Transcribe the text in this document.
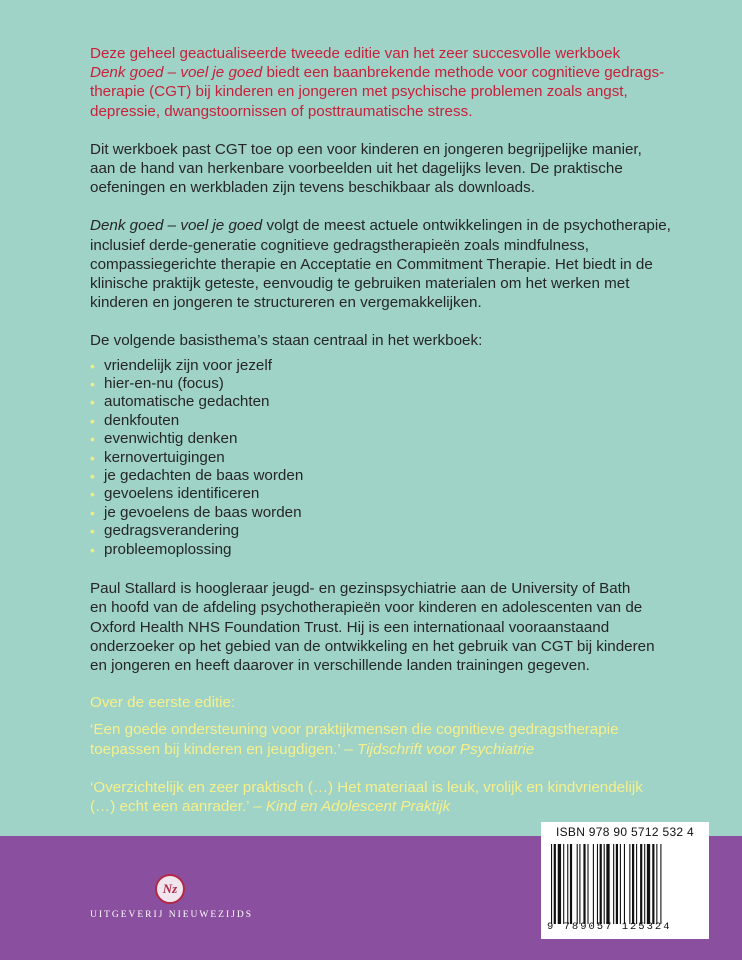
Deze geheel geactualiseerde tweede editie van het zeer succesvolle werkboek
Denk goed – voel je goed biedt een baanbrekende methode voor cognitieve gedrags-
therapie (CGT) bij kinderen en jongeren met psychische problemen zoals angst,
depressie, dwangstoornissen of posttraumatische stress.

Dit werkboek past CGT toe op een voor kinderen en jongeren begrijpelijke manier,
aan de hand van herkenbare voorbeelden uit het dagelijks leven. De praktische
oefeningen en werkbladen zijn tevens beschikbaar als downloads.

Denk goed – voel je goed volgt de meest actuele ontwikkelingen in de psychotherapie,
inclusief derde-generatie cognitieve gedragstherapieën zoals mindfulness,
compassiegerichte therapie en Acceptatie en Commitment Therapie. Het biedt in de
klinische praktijk geteste, eenvoudig te gebruiken materialen om het werken met
kinderen en jongeren te structureren en vergemakkelijken.

De volgende basisthema’s staan centraal in het werkboek:

• vriendelijk zijn voor jezelf
• hier-en-nu (focus)
• automatische gedachten
• denkfouten
• evenwichtig denken
• kernovertuigingen
• je gedachten de baas worden
• gevoelens identificeren
• je gevoelens de baas worden
• gedragsverandering
• probleemoplossing

Paul Stallard is hoogleraar jeugd- en gezinspsychiatrie aan de University of Bath
en hoofd van de afdeling psychotherapieën voor kinderen en adolescenten van de
Oxford Health NHS Foundation Trust. Hij is een internationaal vooraanstaand
onderzoeker op het gebied van de ontwikkeling en het gebruik van CGT bij kinderen
en jongeren en heeft daarover in verschillende landen trainingen gegeven.

Over de eerste editie:

‘Een goede ondersteuning voor praktijkmensen die cognitieve gedragstherapie
toepassen bij kinderen en jeugdigen.’ – Tijdschrift voor Psychiatrie

‘Overzichtelijk en zeer praktisch (…) Het materiaal is leuk, vrolijk en kindvriendelijk
(…) echt een aanrader.’ – Kind en Adolescent Praktijk

Nz
UITGEVERIJ NIEUWEZIJDS
ISBN 978 90 5712 532 4
9 789057 125324
